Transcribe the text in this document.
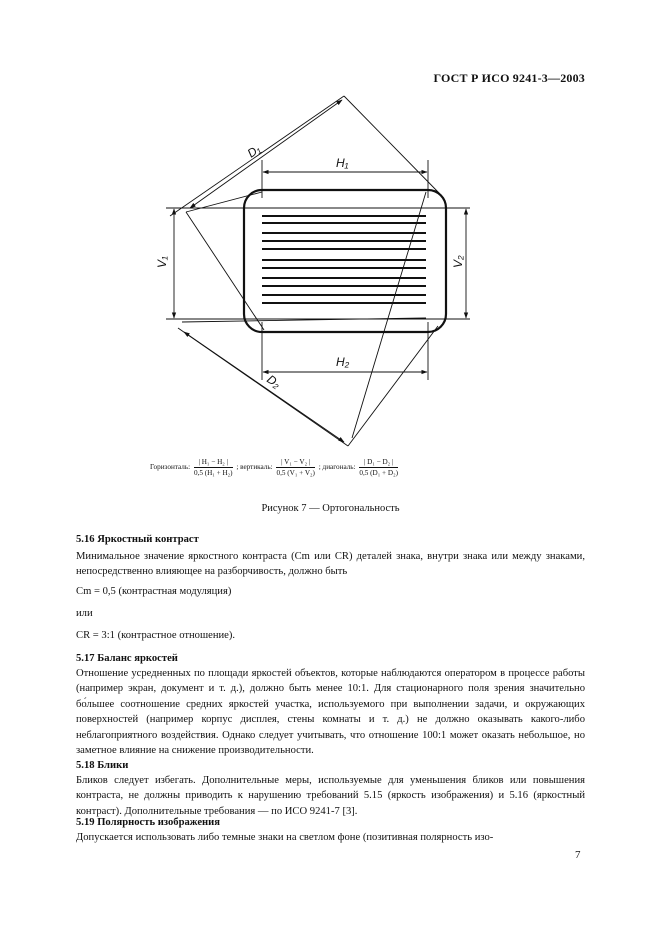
ГОСТ Р ИСО 9241-3—2003
D₁
H₁
V₁	V₂
H₂
D₂
Горизонталь: $\frac{\text{| H₁ − H₂ |}}{\text{0,5 (H₁ + H₂)}}$ ; вертикаль: $\frac{\text{| V₁ − V₂ |}}{\text{0,5 (V₁ + V₂)}}$ ; диагональ: $\frac{\text{| D₁ − D₂ |}}{\text{0,5 (D₁ + D₂)}}$
Рисунок 7 — Ортогональность
5.16 Яркостный контраст
Минимальное значение яркостного контраста (Cm или CR) деталей знака, внутри знака или между знаками, непосредственно влияющее на разборчивость, должно быть
Cm = 0,5 (контрастная модуляция)
или
CR = 3:1 (контрастное отношение).
5.17 Баланс яркостей
Отношение усредненных по площади яркостей объектов, которые наблюдаются оператором в процессе работы (например экран, документ и т. д.), должно быть менее 10:1. Для стационарного поля зрения значительно бо́льшее соотношение средних яркостей участка, используемого при выполнении задачи, и окружающих поверхностей (например корпус дисплея, стены комнаты и т. д.) не должно оказывать какого-либо неблагоприятного воздействия. Однако следует учитывать, что отношение 100:1 может оказать небольшое, но заметное влияние на снижение производительности.
5.18 Блики
Бликов следует избегать. Дополнительные меры, используемые для уменьшения бликов или повышения контраста, не должны приводить к нарушению требований 5.15 (яркость изображения) и 5.16 (яркостный контраст). Дополнительные требования — по ИСО 9241-7 [3].
5.19 Полярность изображения
Допускается использовать либо темные знаки на светлом фоне (позитивная полярность изо-
7
